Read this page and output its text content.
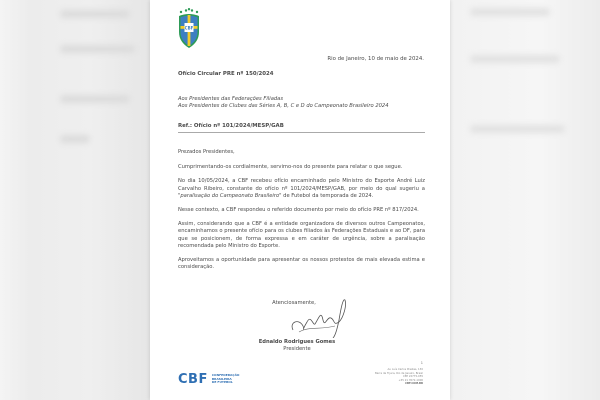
CBF
Rio de Janeiro, 10 de maio de 2024.
Ofício Circular PRE nº 150/2024
Aos Presidentes das Federações Filiadas
Aos Presidentes de Clubes das Séries A, B, C e D do Campeonato Brasileiro 2024
Ref.: Ofício nº 101/2024/MESP/GAB

Prezados Presidentes,

Cumprimentando-os cordialmente, servimo-nos do presente para relatar o que segue.

No dia 10/05/2024, a CBF recebeu ofício encaminhado pelo Ministro do Esporte André Luiz Carvalho Ribeiro, constante do ofício nº 101/2024/MESP/GAB, por meio do qual sugeriu a "paralisação do Campeonato Brasileiro" de Futebol da temporada de 2024.

Nesse contexto, a CBF respondeu o referido documento por meio do ofício PRE nº 817/2024.

Assim, considerando que a CBF é a entidade organizadora de diversos outros Campeonatos, encaminhamos o presente ofício para os clubes filiados às Federações Estaduais e ao DF, para que se posicionem, de forma expressa e em caráter de urgência, sobre a paralisação recomendada pelo Ministro do Esporte.

Aproveitamos a oportunidade para apresentar os nossos protestos de mais elevada estima e consideração.

Atenciosamente,
Ednaldo Rodrigues Gomes
Presidente
1
CBF CONFEDERAÇÃO
BRASILEIRA
DE FUTEBOL
Av. Luís Carlos Prestes, 130
Barra da Tijuca, Rio de Janeiro, Brasil
CEP 22775-055
+55 21 3572-1900
CBF.COM.BR
